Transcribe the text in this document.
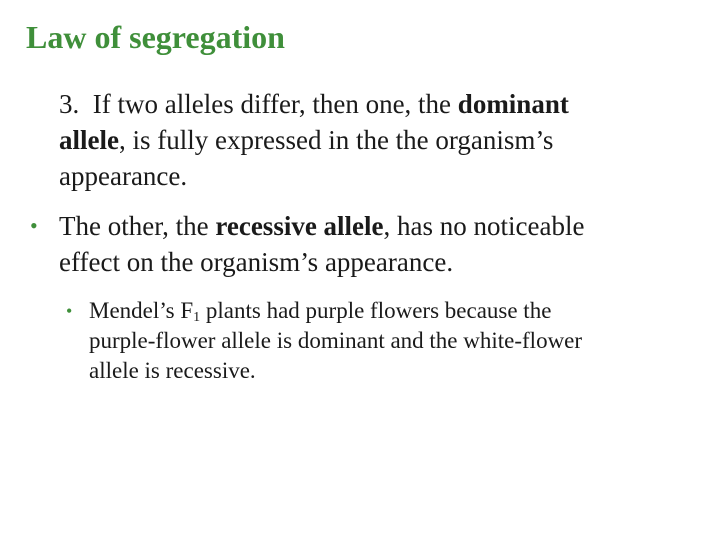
Law of segregation
3. If two alleles differ, then one, the dominant
allele, is fully expressed in the the organism’s
appearance.
• The other, the recessive allele, has no noticeable
effect on the organism’s appearance.
• Mendel’s $F_1$ plants had purple flowers because the
purple-flower allele is dominant and the white-flower
allele is recessive.
